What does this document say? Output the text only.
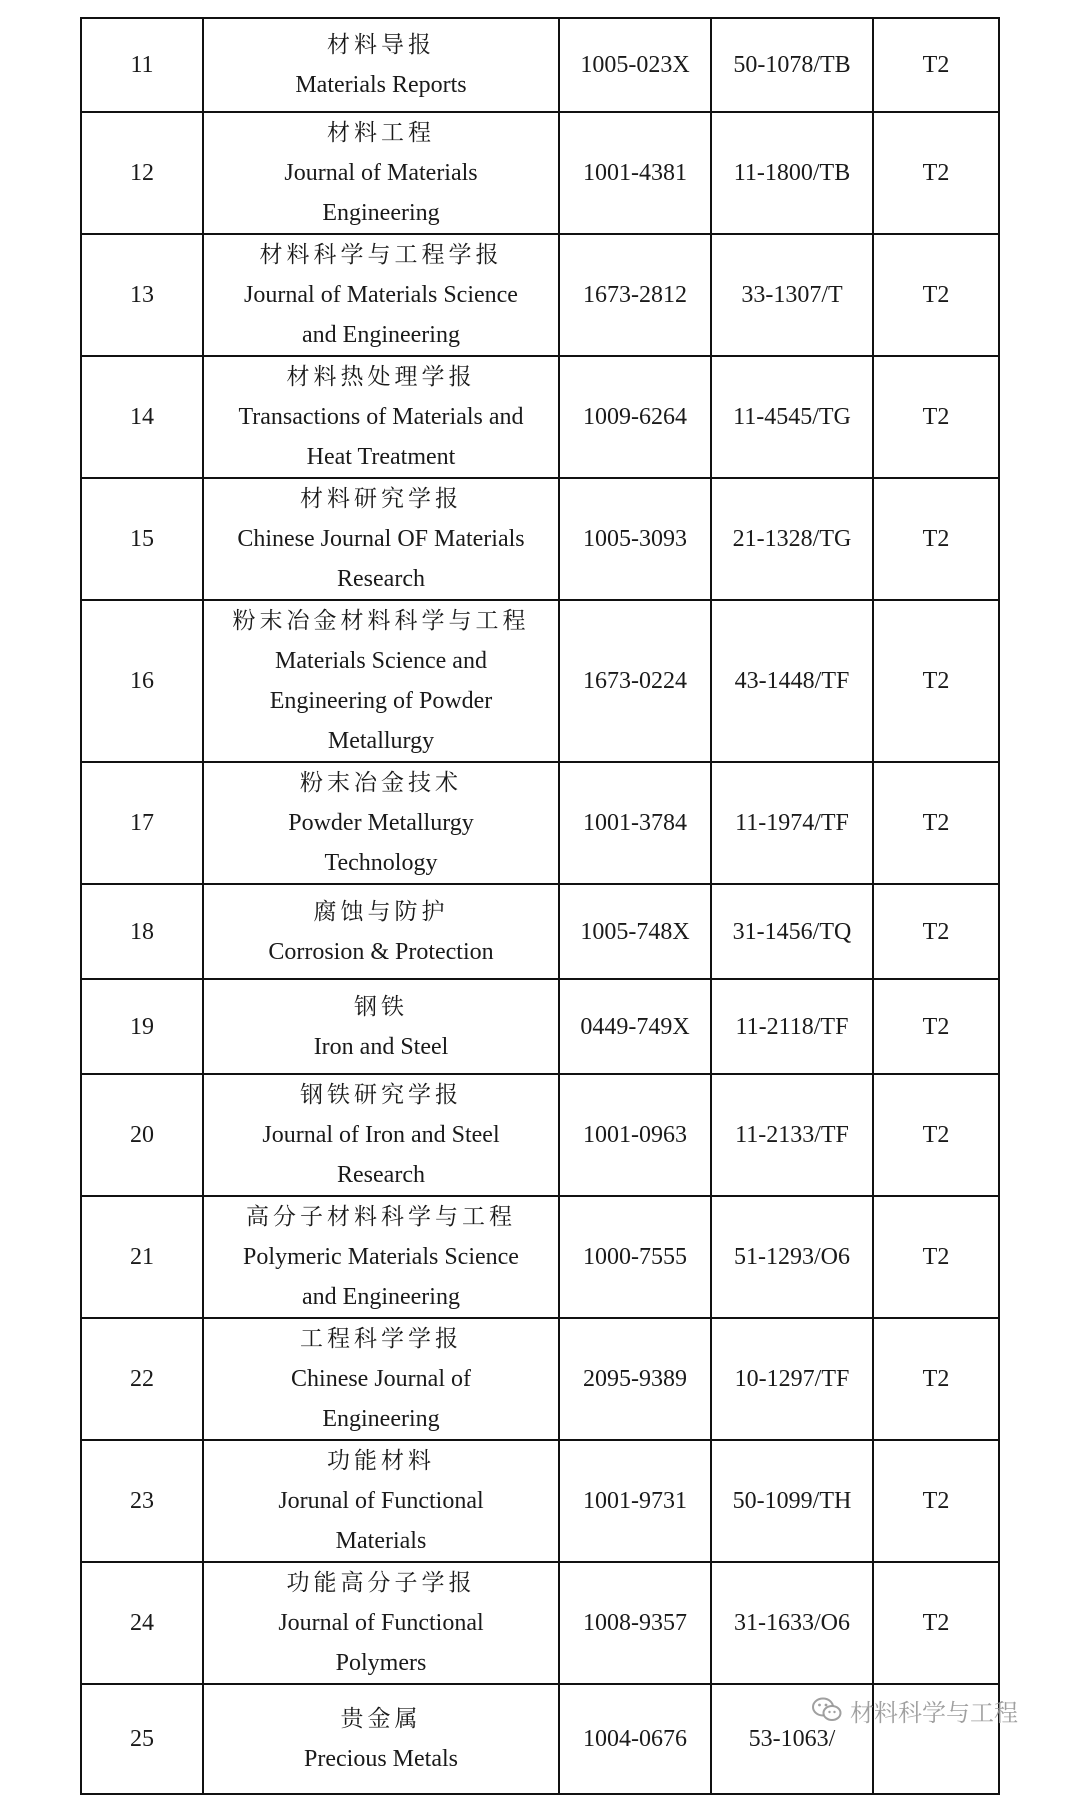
11	材料导报
Materials Reports	1005-023X	50-1078/TB	T2
12	材料工程
Journal of Materials
Engineering	1001-4381	11-1800/TB	T2
13	材料科学与工程学报
Journal of Materials Science
and Engineering	1673-2812	33-1307/T	T2
14	材料热处理学报
Transactions of Materials and
Heat Treatment	1009-6264	11-4545/TG	T2
15	材料研究学报
Chinese Journal OF Materials
Research	1005-3093	21-1328/TG	T2
16	粉末冶金材料科学与工程
Materials Science and
Engineering of Powder
Metallurgy	1673-0224	43-1448/TF	T2
17	粉末冶金技术
Powder Metallurgy
Technology	1001-3784	11-1974/TF	T2
18	腐蚀与防护
Corrosion & Protection	1005-748X	31-1456/TQ	T2
19	钢铁
Iron and Steel	0449-749X	11-2118/TF	T2
20	钢铁研究学报
Journal of Iron and Steel
Research	1001-0963	11-2133/TF	T2
21	高分子材料科学与工程
Polymeric Materials Science
and Engineering	1000-7555	51-1293/O6	T2
22	工程科学学报
Chinese Journal of
Engineering	2095-9389	10-1297/TF	T2
23	功能材料
Jorunal of Functional
Materials	1001-9731	50-1099/TH	T2
24	功能高分子学报
Journal of Functional
Polymers	1008-9357	31-1633/O6	T2
25	贵金属
Precious Metals	1004-0676	53-1063/	
材料科学与工程
